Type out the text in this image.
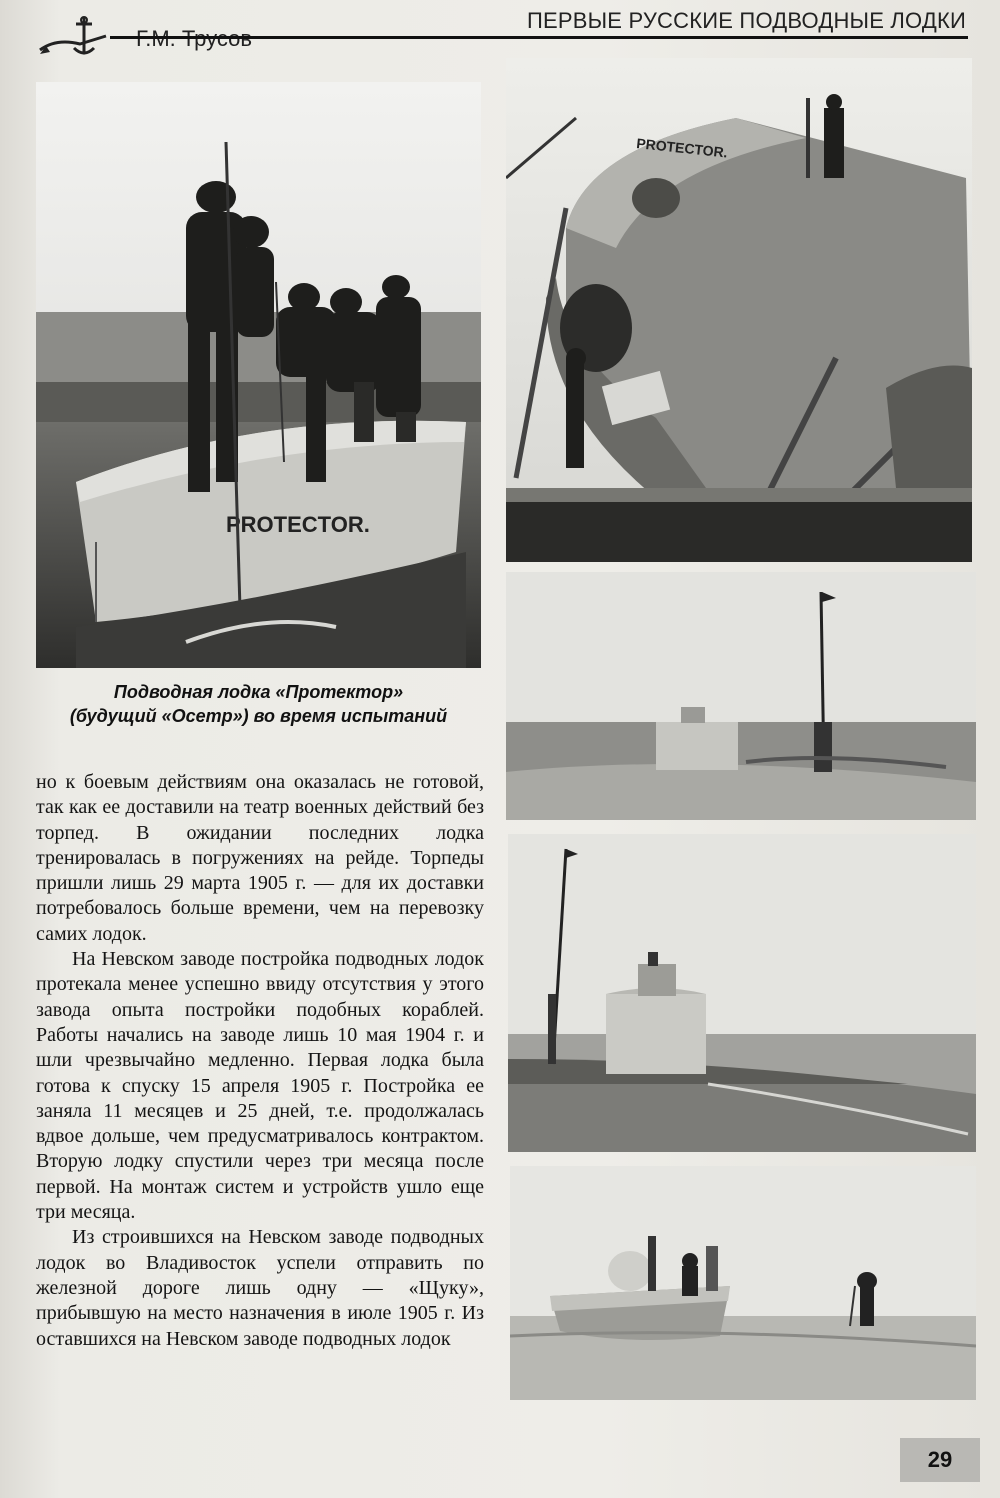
ПЕРВЫЕ РУССКИЕ ПОДВОДНЫЕ ЛОДКИ
PROTECTOR.
PROTECTOR.
Подводная лодка «Протектор»
(будущий «Осетр») во время испытаний

но к боевым действиям она оказалась не готовой, так как ее доставили на театр военных действий без торпед. В ожидании последних лодка тренировалась в погружениях на рейде. Торпеды пришли лишь 29 марта 1905 г. — для их доставки потребовалось больше времени, чем на перевозку самих лодок.

На Невском заводе постройка подводных лодок протекала менее успешно ввиду отсутствия у этого завода опыта постройки подобных кораблей. Работы начались на заводе лишь 10 мая 1904 г. и шли чрезвычайно медленно. Первая лодка была готова к спуску 15 апреля 1905 г. Постройка ее заняла 11 месяцев и 25 дней, т.е. продолжалась вдвое дольше, чем предусматривалось контрактом. Вторую лодку спустили через три месяца после первой. На монтаж систем и устройств ушло еще три месяца.

Из строившихся на Невском заводе подводных лодок во Владивосток успели отправить по железной дороге лишь одну — «Щуку», прибывшую на место назначения в июле 1905 г. Из оставшихся на Невском заводе подводных лодок

29
